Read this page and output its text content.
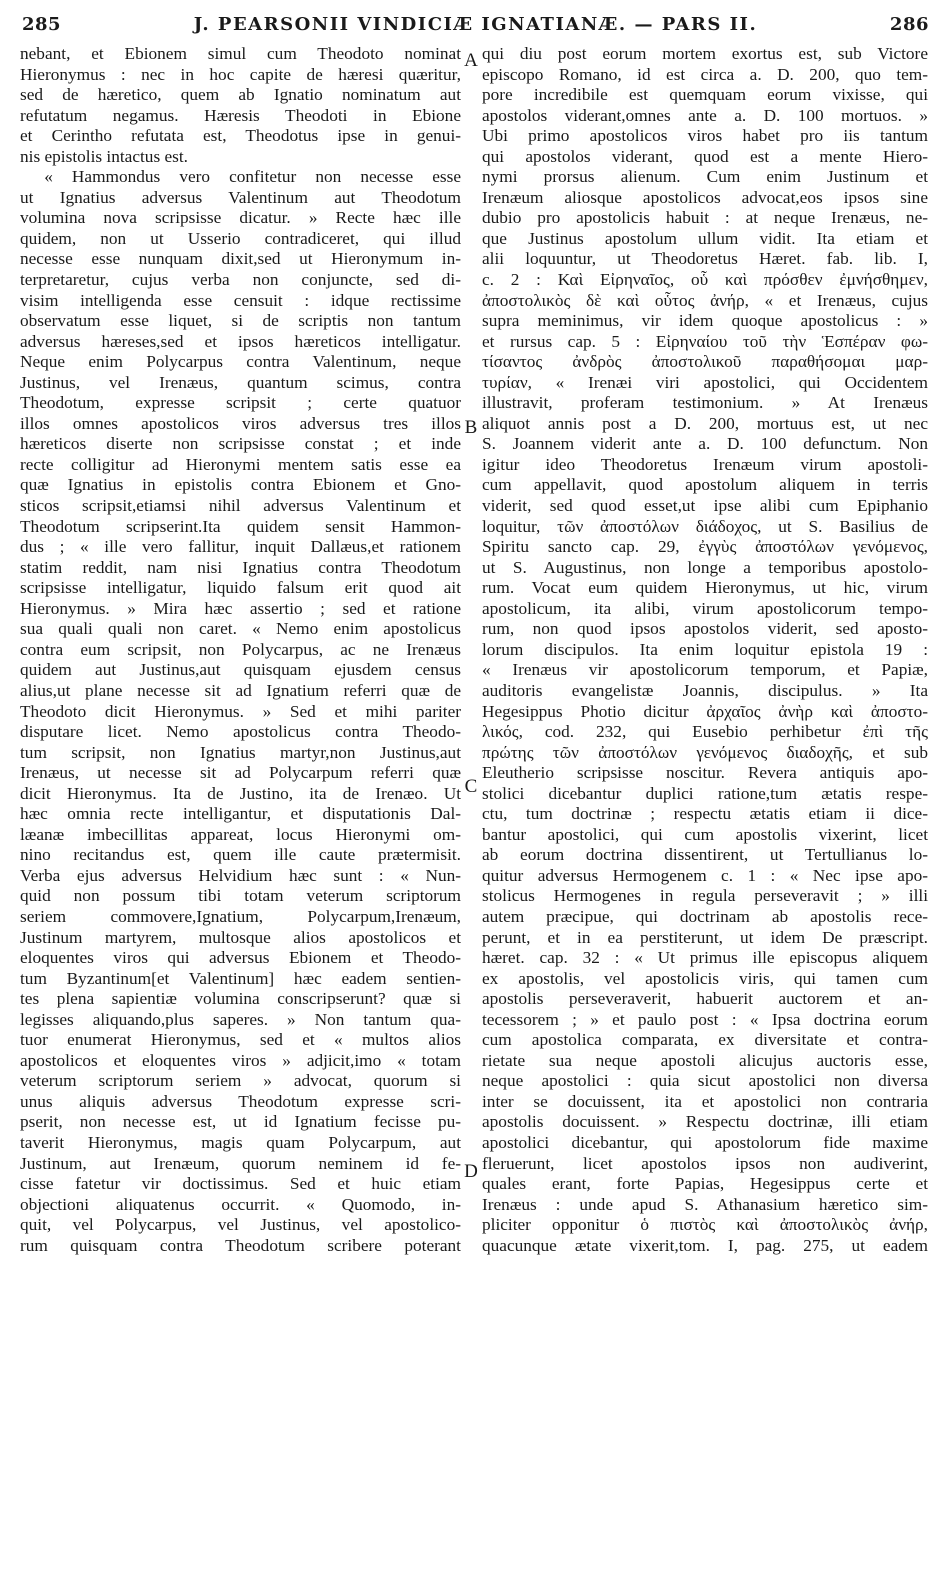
285	J. PEARSONII VINDICIÆ IGNATIANÆ. — PARS II.	286
nebant, et Ebionem simul cum Theodoto nominat
Hieronymus : nec in hoc capite de hæresi quæritur,
sed de hæretico, quem ab Ignatio nominatum aut
refutatum negamus. Hæresis Theodoti in Ebione
et Cerintho refutata est, Theodotus ipse in genui-
nis epistolis intactus est.
« Hammondus vero confitetur non necesse esse
ut Ignatius adversus Valentinum aut Theodotum
volumina nova scripsisse dicatur. » Recte hæc ille
quidem, non ut Usserio contradiceret, qui illud
necesse esse nunquam dixit,sed ut Hieronymum in-
terpretaretur, cujus verba non conjuncte, sed di-
visim intelligenda esse censuit : idque rectissime
observatum esse liquet, si de scriptis non tantum
adversus hæreses,sed et ipsos hæreticos intelligatur.
Neque enim Polycarpus contra Valentinum, neque
Justinus, vel Irenæus, quantum scimus, contra
Theodotum, expresse scripsit ; certe quatuor
illos omnes apostolicos viros adversus tres illos
hæreticos diserte non scripsisse constat ; et inde
recte colligitur ad Hieronymi mentem satis esse ea
quæ Ignatius in epistolis contra Ebionem et Gno-
sticos scripsit,etiamsi nihil adversus Valentinum et
Theodotum scripserint.Ita quidem sensit Hammon-
dus ; « ille vero fallitur, inquit Dallæus,et rationem
statim reddit, nam nisi Ignatius contra Theodotum
scripsisse intelligatur, liquido falsum erit quod ait
Hieronymus. » Mira hæc assertio ; sed et ratione
sua quali quali non caret. « Nemo enim apostolicus
contra eum scripsit, non Polycarpus, ac ne Irenæus
quidem aut Justinus,aut quisquam ejusdem census
alius,ut plane necesse sit ad Ignatium referri quæ de
Theodoto dicit Hieronymus. » Sed et mihi pariter
disputare licet. Nemo apostolicus contra Theodo-
tum scripsit, non Ignatius martyr,non Justinus,aut
Irenæus, ut necesse sit ad Polycarpum referri quæ
dicit Hieronymus. Ita de Justino, ita de Irenæo. Ut
hæc omnia recte intelligantur, et disputationis Dal-
læanæ imbecillitas appareat, locus Hieronymi om-
nino recitandus est, quem ille caute prætermisit.
Verba ejus adversus Helvidium hæc sunt : « Nun-
quid non possum tibi totam veterum scriptorum
seriem commovere,Ignatium, Polycarpum,Irenæum,
Justinum martyrem, multosque alios apostolicos et
eloquentes viros qui adversus Ebionem et Theodo-
tum Byzantinum[et Valentinum] hæc eadem sentien-
tes plena sapientiæ volumina conscripserunt? quæ si
legisses aliquando,plus saperes. » Non tantum qua-
tuor enumerat Hieronymus, sed et « multos alios
apostolicos et eloquentes viros » adjicit,imo « totam
veterum scriptorum seriem » advocat, quorum si
unus aliquis adversus Theodotum expresse scri-
pserit, non necesse est, ut id Ignatium fecisse pu-
taverit Hieronymus, magis quam Polycarpum, aut
Justinum, aut Irenæum, quorum neminem id fe-
cisse fatetur vir doctissimus. Sed et huic etiam
objectioni aliquatenus occurrit. « Quomodo, in-
quit, vel Polycarpus, vel Justinus, vel apostolico-
rum quisquam contra Theodotum scribere poterant
qui diu post eorum mortem exortus est, sub Victore
episcopo Romano, id est circa a. D. 200, quo tem-
pore incredibile est quemquam eorum vixisse, qui
apostolos viderant,omnes ante a. D. 100 mortuos. »
Ubi primo apostolicos viros habet pro iis tantum
qui apostolos viderant, quod est a mente Hiero-
nymi prorsus alienum. Cum enim Justinum et
Irenæum aliosque apostolicos advocat,eos ipsos sine
dubio pro apostolicis habuit : at neque Irenæus, ne-
que Justinus apostolum ullum vidit. Ita etiam et
alii loquuntur, ut Theodoretus Hæret. fab. lib. I,
c. 2 : Καὶ Εἰρηναῖος, οὗ καὶ πρόσθεν ἐμνήσθημεν,
ἀποστολικὸς δὲ καὶ οὗτος ἀνήρ, « et Irenæus, cujus
supra meminimus, vir idem quoque apostolicus : »
et rursus cap. 5 : Εἰρηναίου τοῦ τὴν Ἑσπέραν φω-
τίσαντος ἀνδρὸς ἀποστολικοῦ παραθήσομαι μαρ-
τυρίαν, « Irenæi viri apostolici, qui Occidentem
illustravit, proferam testimonium. » At Irenæus
aliquot annis post a D. 200, mortuus est, ut nec
S. Joannem viderit ante a. D. 100 defunctum. Non
igitur ideo Theodoretus Irenæum virum apostoli-
cum appellavit, quod apostolum aliquem in terris
viderit, sed quod esset,ut ipse alibi cum Epiphanio
loquitur, τῶν ἀποστόλων διάδοχος, ut S. Basilius de
Spiritu sancto cap. 29, ἐγγὺς ἀποστόλων γενόμενος,
ut S. Augustinus, non longe a temporibus apostolo-
rum. Vocat eum quidem Hieronymus, ut hic, virum
apostolicum, ita alibi, virum apostolicorum tempo-
rum, non quod ipsos apostolos viderit, sed aposto-
lorum discipulos. Ita enim loquitur epistola 19 :
« Irenæus vir apostolicorum temporum, et Papiæ,
auditoris evangelistæ Joannis, discipulus. » Ita
Hegesippus Photio dicitur ἀρχαῖος ἀνὴρ καὶ ἀποστο-
λικός, cod. 232, qui Eusebio perhibetur ἐπὶ τῆς
πρώτης τῶν ἀποστόλων γενόμενος διαδοχῆς, et sub
Eleutherio scripsisse noscitur. Revera antiquis apo-
stolici dicebantur duplici ratione,tum ætatis respe-
ctu, tum doctrinæ ; respectu ætatis etiam ii dice-
bantur apostolici, qui cum apostolis vixerint, licet
ab eorum doctrina dissentirent, ut Tertullianus lo-
quitur adversus Hermogenem c. 1 : « Nec ipse apo-
stolicus Hermogenes in regula perseveravit ; » illi
autem præcipue, qui doctrinam ab apostolis rece-
perunt, et in ea perstiterunt, ut idem De præscript.
hæret. cap. 32 : « Ut primus ille episcopus aliquem
ex apostolis, vel apostolicis viris, qui tamen cum
apostolis perseveraverit, habuerit auctorem et an-
tecessorem ; » et paulo post : « Ipsa doctrina eorum
cum apostolica comparata, ex diversitate et contra-
rietate sua neque apostoli alicujus auctoris esse,
neque apostolici : quia sicut apostolici non diversa
inter se docuissent, ita et apostolici non contraria
apostolis docuissent. » Respectu doctrinæ, illi etiam
apostolici dicebantur, qui apostolorum fide maxime
fleruerunt, licet apostolos ipsos non audiverint,
quales erant, forte Papias, Hegesippus certe et
Irenæus : unde apud S. Athanasium hæretico sim-
pliciter opponitur ὁ πιστὸς καὶ ἀποστολικὸς ἀνήρ,
quacunque ætate vixerit,tom. I, pag. 275, ut eadem
A
B
C
D
